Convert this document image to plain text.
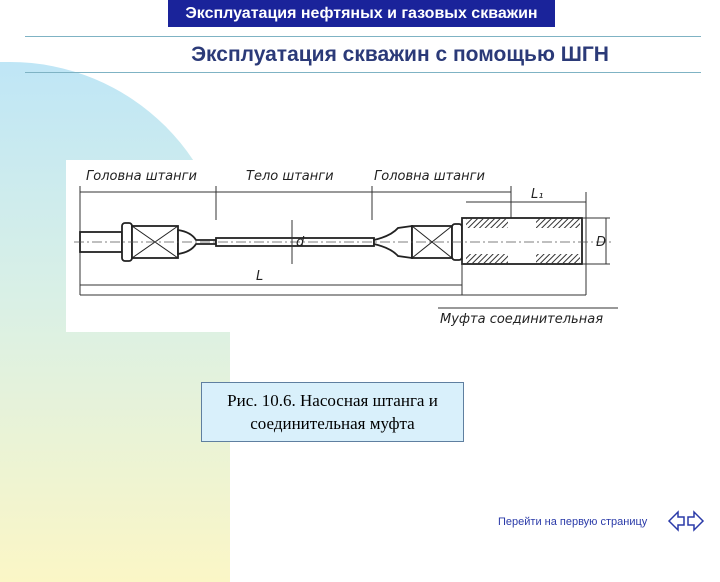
Эксплуатация нефтяных и газовых скважин
Эксплуатация скважин с помощью ШГН
Головна штанги	Тело штанги	Головна штанги
L₁
d	D
L
Муфта соединительная
Рис. 10.6. Насосная штанга и
соединительная муфта
Перейти на первую страницу
